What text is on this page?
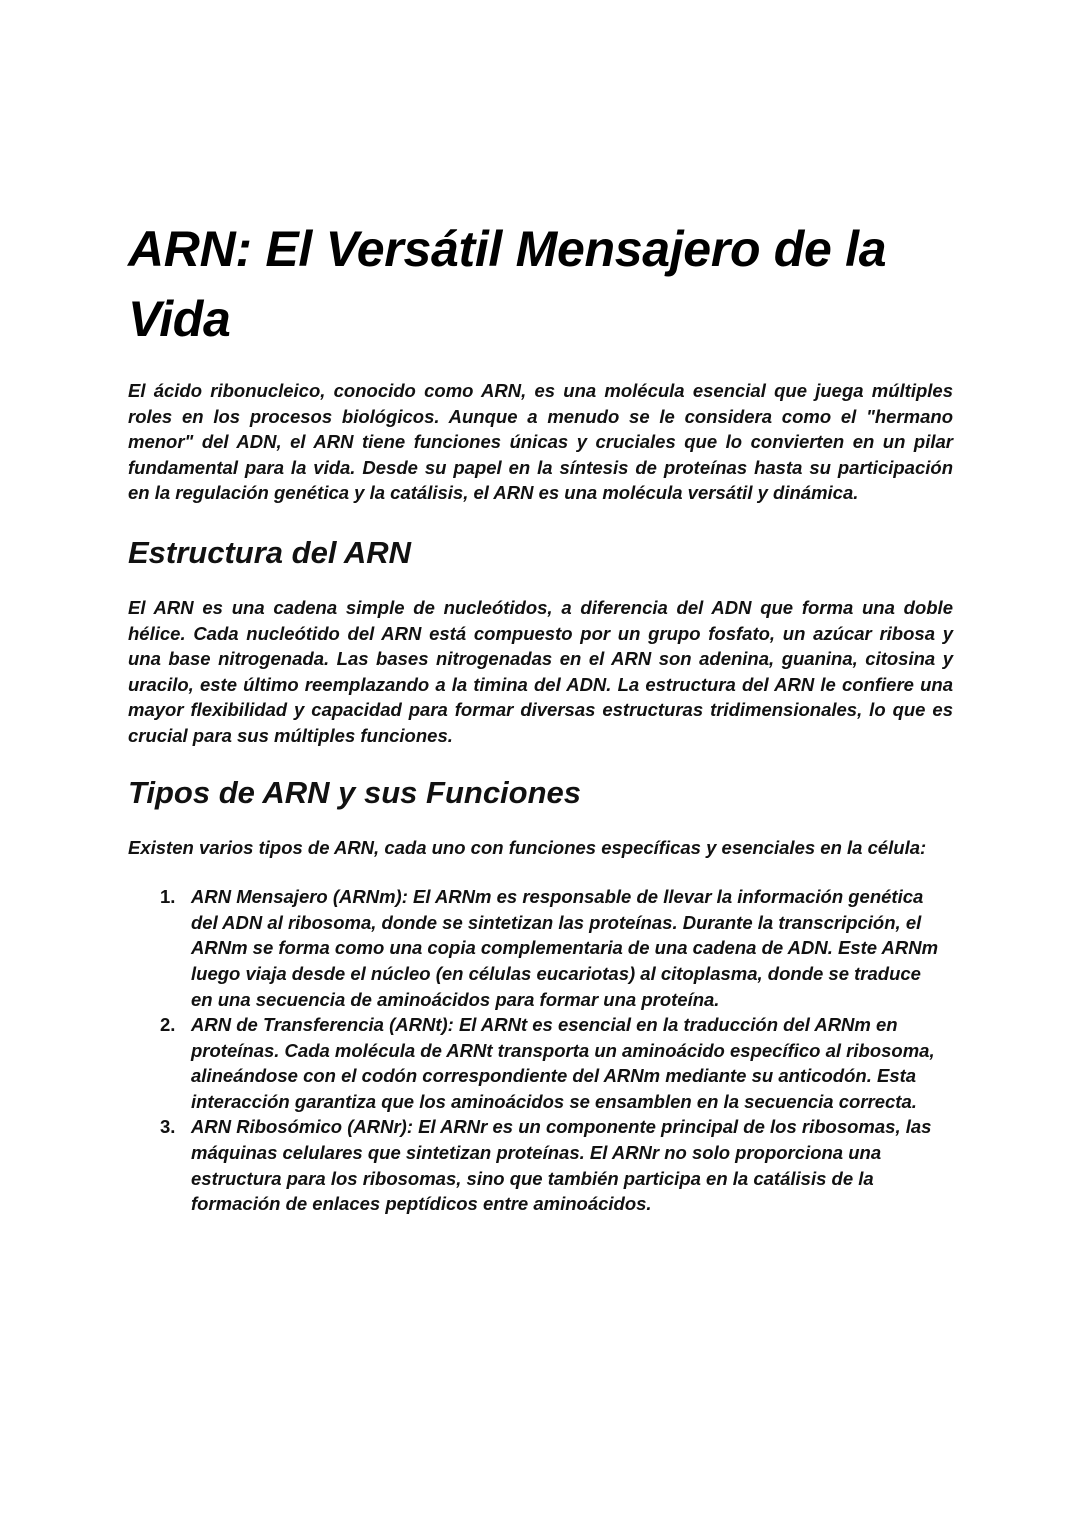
ARN: El Versátil Mensajero de la Vida

El ácido ribonucleico, conocido como ARN, es una molécula esencial que juega múltiples roles en los procesos biológicos. Aunque a menudo se le considera como el "hermano menor" del ADN, el ARN tiene funciones únicas y cruciales que lo convierten en un pilar fundamental para la vida. Desde su papel en la síntesis de proteínas hasta su participación en la regulación genética y la catálisis, el ARN es una molécula versátil y dinámica.

Estructura del ARN

El ARN es una cadena simple de nucleótidos, a diferencia del ADN que forma una doble hélice. Cada nucleótido del ARN está compuesto por un grupo fosfato, un azúcar ribosa y una base nitrogenada. Las bases nitrogenadas en el ARN son adenina, guanina, citosina y uracilo, este último reemplazando a la timina del ADN. La estructura del ARN le confiere una mayor flexibilidad y capacidad para formar diversas estructuras tridimensionales, lo que es crucial para sus múltiples funciones.

Tipos de ARN y sus Funciones

Existen varios tipos de ARN, cada uno con funciones específicas y esenciales en la célula:

1. ARN Mensajero (ARNm): El ARNm es responsable de llevar la información genética del ADN al ribosoma, donde se sintetizan las proteínas. Durante la transcripción, el ARNm se forma como una copia complementaria de una cadena de ADN. Este ARNm luego viaja desde el núcleo (en células eucariotas) al citoplasma, donde se traduce en una secuencia de aminoácidos para formar una proteína.
2. ARN de Transferencia (ARNt): El ARNt es esencial en la traducción del ARNm en proteínas. Cada molécula de ARNt transporta un aminoácido específico al ribosoma, alineándose con el codón correspondiente del ARNm mediante su anticodón. Esta interacción garantiza que los aminoácidos se ensamblen en la secuencia correcta.
3. ARN Ribosómico (ARNr): El ARNr es un componente principal de los ribosomas, las máquinas celulares que sintetizan proteínas. El ARNr no solo proporciona una estructura para los ribosomas, sino que también participa en la catálisis de la formación de enlaces peptídicos entre aminoácidos.
